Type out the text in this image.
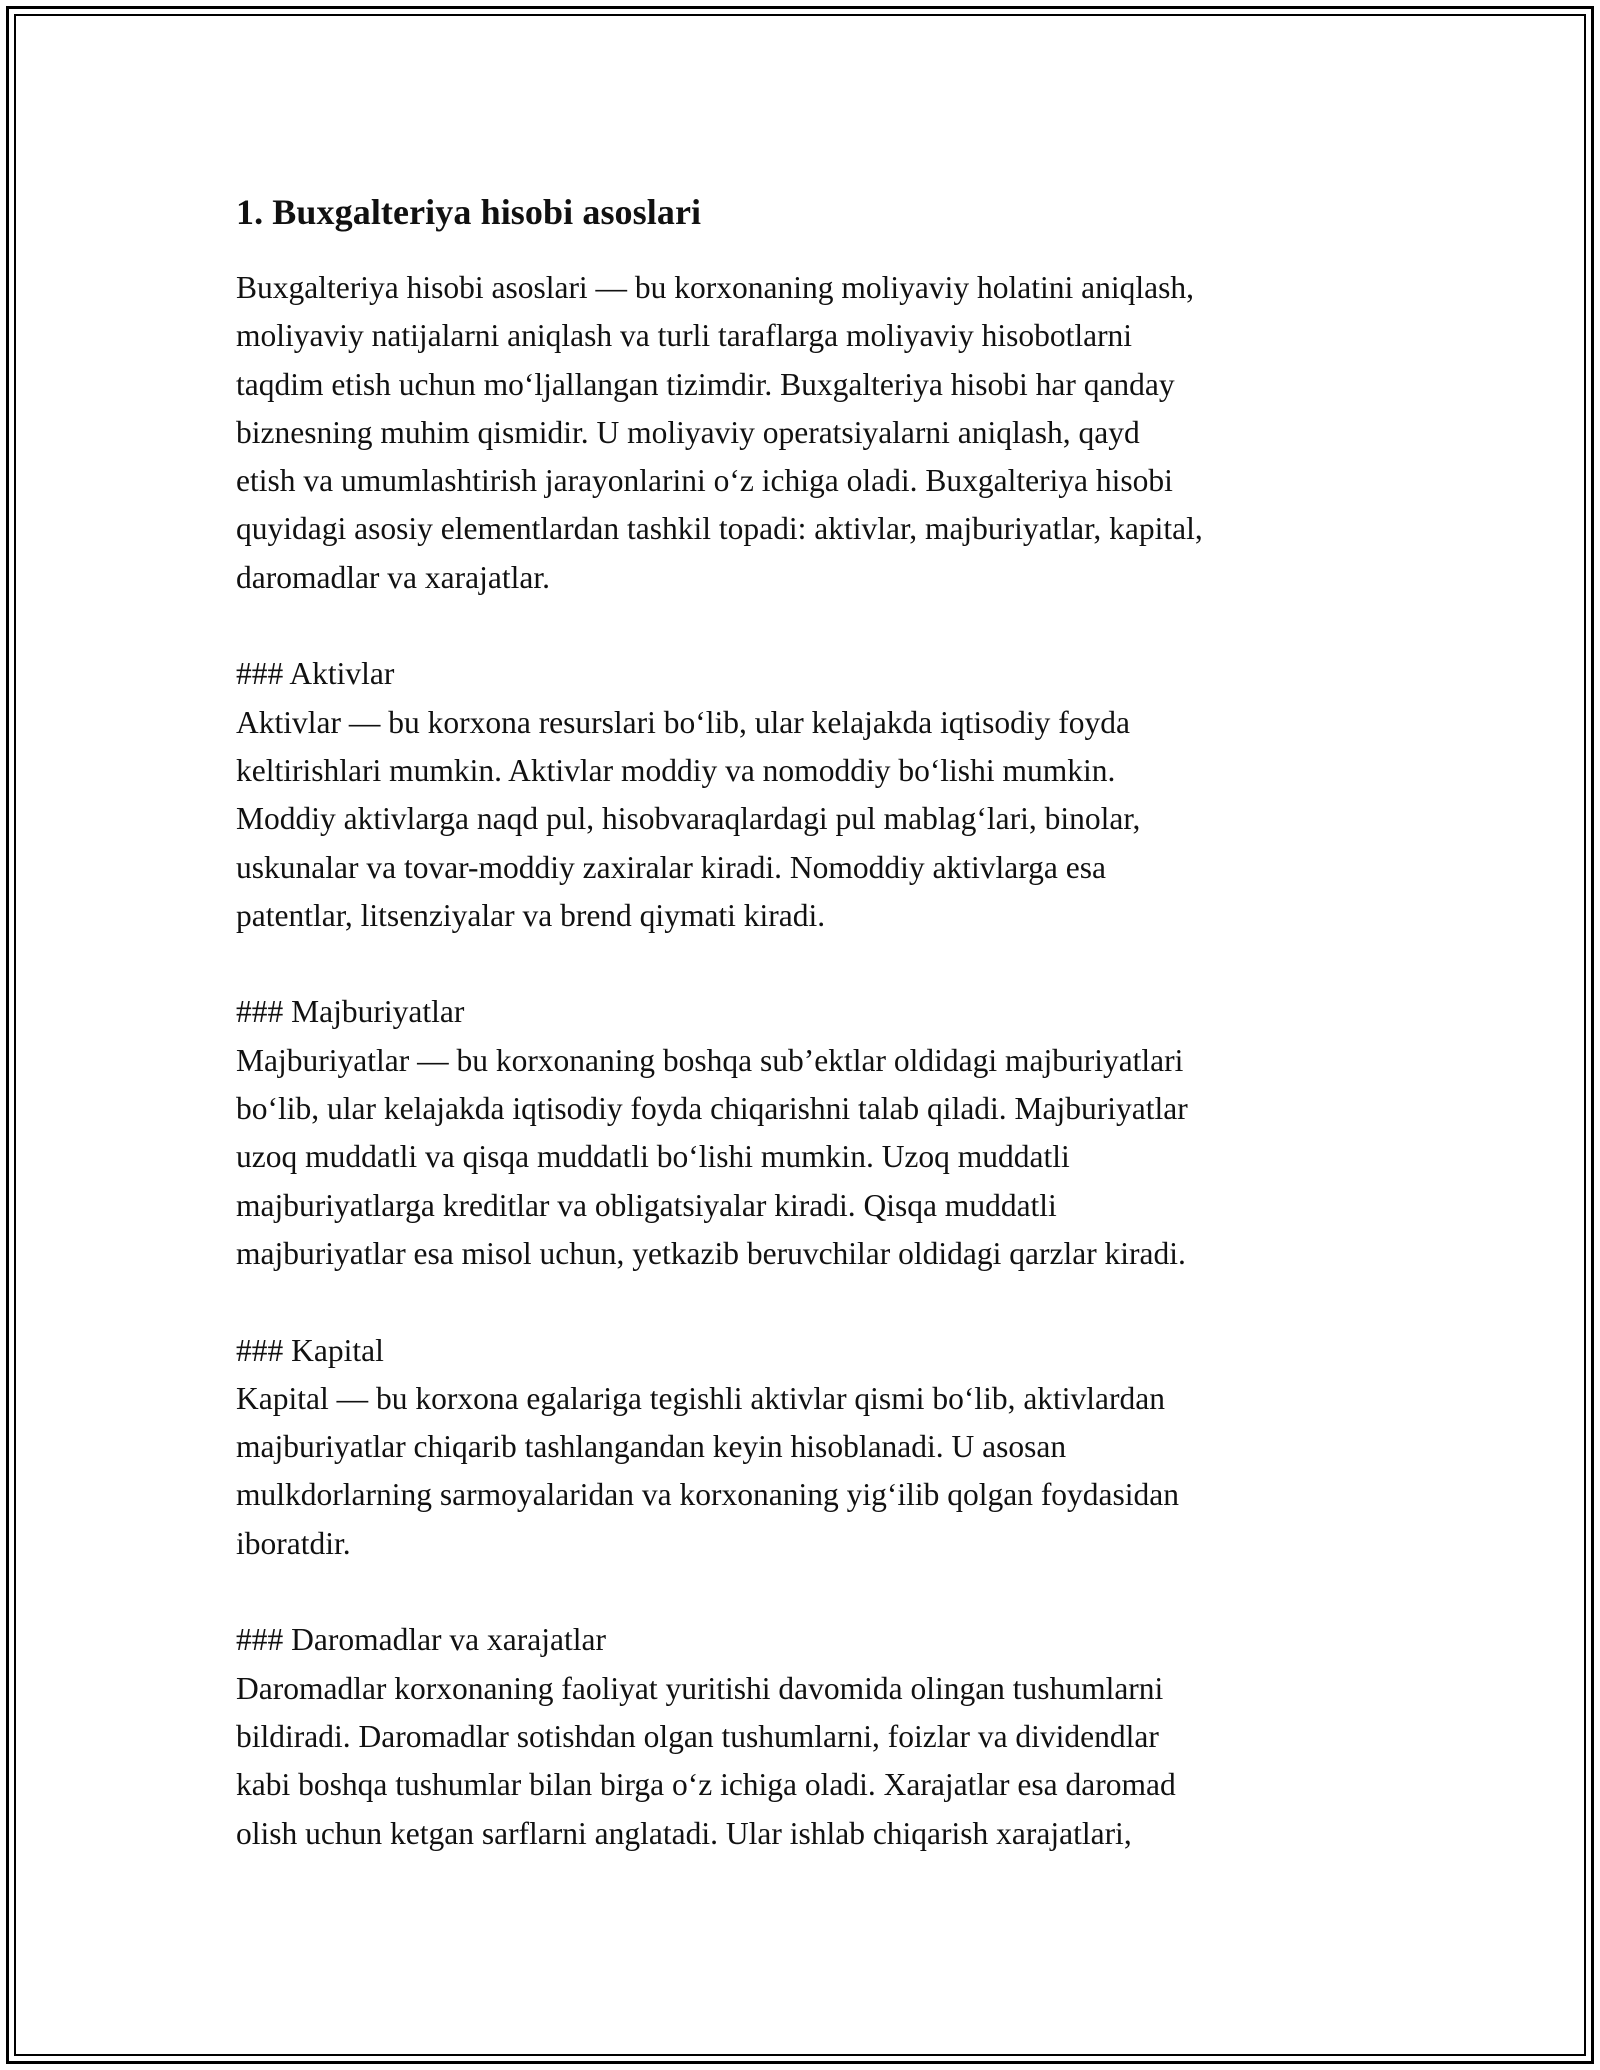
1. Buxgalteriya hisobi asoslari

Buxgalteriya hisobi asoslari — bu korxonaning moliyaviy holatini aniqlash,

moliyaviy natijalarni aniqlash va turli taraflarga moliyaviy hisobotlarni

taqdim etish uchun mo‘ljallangan tizimdir. Buxgalteriya hisobi har qanday

biznesning muhim qismidir. U moliyaviy operatsiyalarni aniqlash, qayd

etish va umumlashtirish jarayonlarini o‘z ichiga oladi. Buxgalteriya hisobi

quyidagi asosiy elementlardan tashkil topadi: aktivlar, majburiyatlar, kapital,

daromadlar va xarajatlar.

### Aktivlar

Aktivlar — bu korxona resurslari bo‘lib, ular kelajakda iqtisodiy foyda

keltirishlari mumkin. Aktivlar moddiy va nomoddiy bo‘lishi mumkin.

Moddiy aktivlarga naqd pul, hisobvaraqlardagi pul mablag‘lari, binolar,

uskunalar va tovar-moddiy zaxiralar kiradi. Nomoddiy aktivlarga esa

patentlar, litsenziyalar va brend qiymati kiradi.

### Majburiyatlar

Majburiyatlar — bu korxonaning boshqa sub’ektlar oldidagi majburiyatlari

bo‘lib, ular kelajakda iqtisodiy foyda chiqarishni talab qiladi. Majburiyatlar

uzoq muddatli va qisqa muddatli bo‘lishi mumkin. Uzoq muddatli

majburiyatlarga kreditlar va obligatsiyalar kiradi. Qisqa muddatli

majburiyatlar esa misol uchun, yetkazib beruvchilar oldidagi qarzlar kiradi.

### Kapital

Kapital — bu korxona egalariga tegishli aktivlar qismi bo‘lib, aktivlardan

majburiyatlar chiqarib tashlangandan keyin hisoblanadi. U asosan

mulkdorlarning sarmoyalaridan va korxonaning yig‘ilib qolgan foydasidan

iboratdir.

### Daromadlar va xarajatlar

Daromadlar korxonaning faoliyat yuritishi davomida olingan tushumlarni

bildiradi. Daromadlar sotishdan olgan tushumlarni, foizlar va dividendlar

kabi boshqa tushumlar bilan birga o‘z ichiga oladi. Xarajatlar esa daromad

olish uchun ketgan sarflarni anglatadi. Ular ishlab chiqarish xarajatlari,
